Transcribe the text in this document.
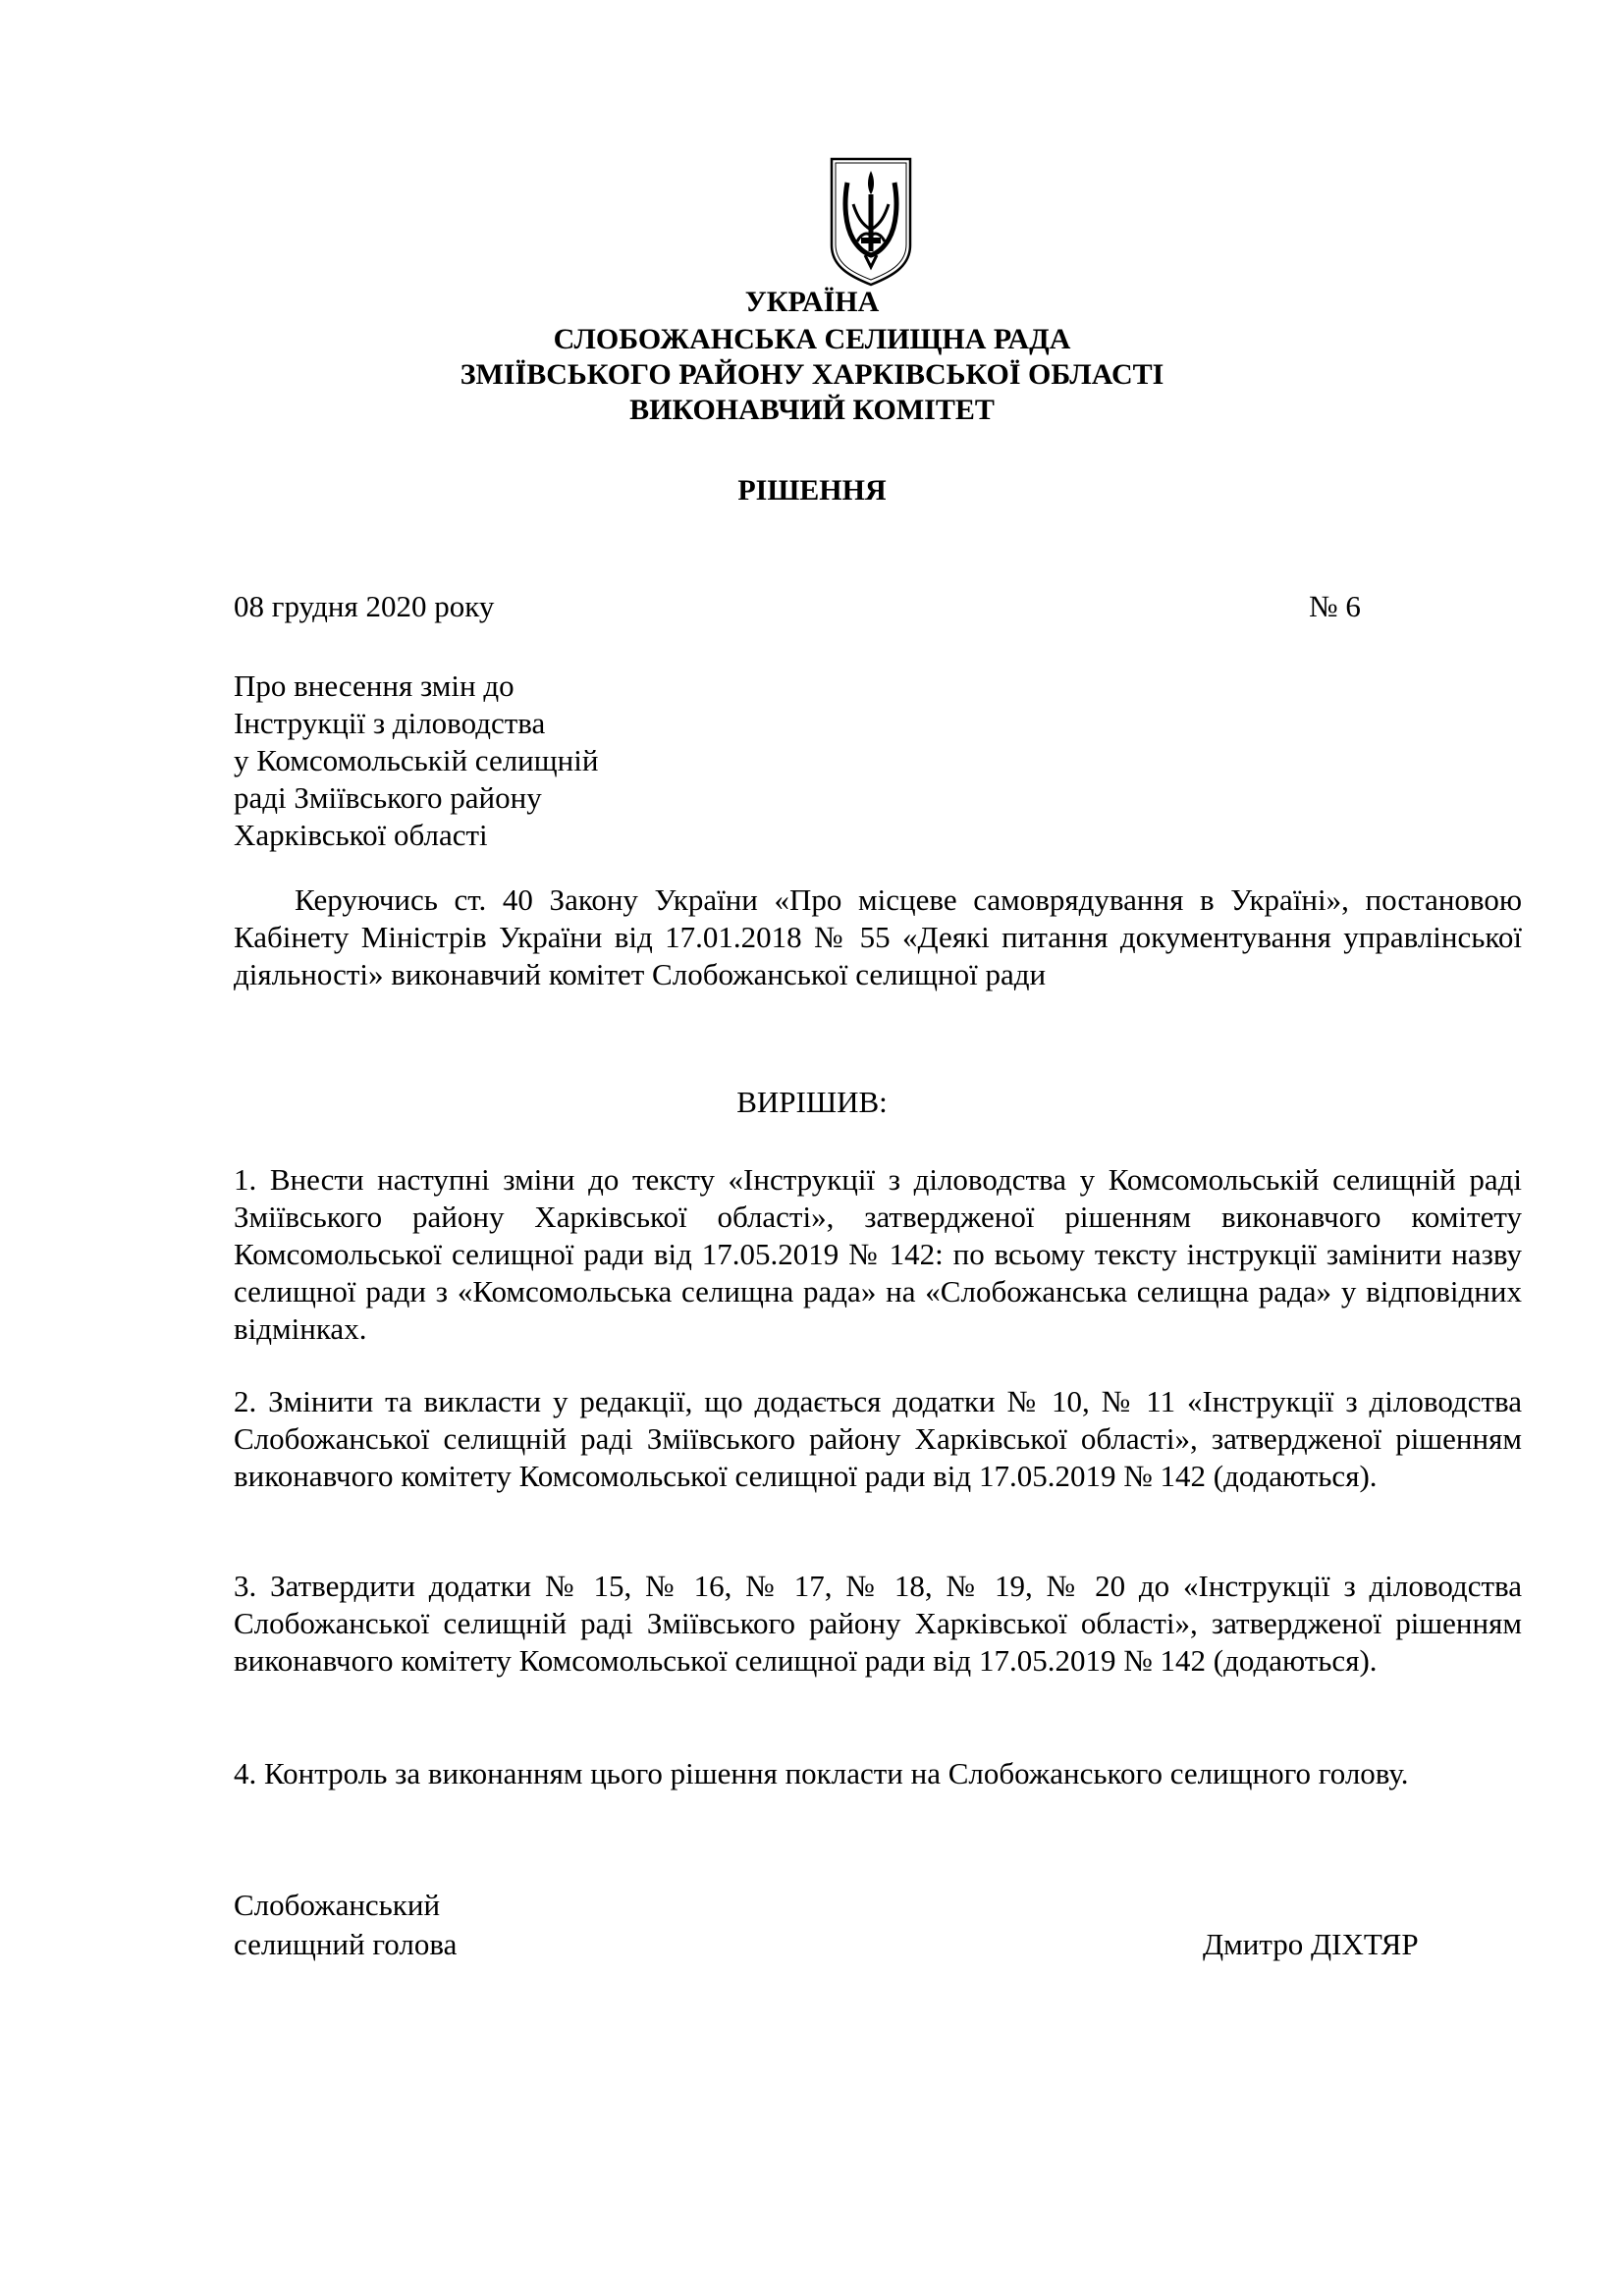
УКРАЇНА
СЛОБОЖАНСЬКА СЕЛИЩНА РАДА
ЗМІЇВСЬКОГО РАЙОНУ ХАРКІВСЬКОЇ ОБЛАСТІ
ВИКОНАВЧИЙ КОМІТЕТ
РІШЕННЯ
08 грудня 2020 року	№ 6
Про внесення змін до
Інструкції з діловодства
у Комсомольській селищній
раді Зміївського району
Харківської області
Керуючись ст. 40 Закону України «Про місцеве самоврядування в Україні», постановою Кабінету Міністрів України від 17.01.2018 № 55 «Деякі питання документування управлінської діяльності» виконавчий комітет Слобожанської селищної ради
ВИРІШИВ:
1. Внести наступні зміни до тексту «Інструкції з діловодства у Комсомольській селищній раді Зміївського району Харківської області», затвердженої рішенням виконавчого комітету Комсомольської селищної ради від 17.05.2019 № 142: по всьому тексту інструкції замінити назву селищної ради з «Комсомольська селищна рада» на «Слобожанська селищна рада» у відповідних відмінках.
2. Змінити та викласти у редакції, що додається додатки № 10, № 11 «Інструкції з діловодства Слобожанської селищній раді Зміївського району Харківської області», затвердженої рішенням виконавчого комітету Комсомольської селищної ради від 17.05.2019 № 142 (додаються).
3. Затвердити додатки № 15, № 16, № 17, № 18, № 19, № 20 до «Інструкції з діловодства Слобожанської селищній раді Зміївського району Харківської області», затвердженої рішенням виконавчого комітету Комсомольської селищної ради від 17.05.2019 № 142 (додаються).
4. Контроль за виконанням цього рішення покласти на Слобожанського селищного голову.
Слобожанський
селищний голова	Дмитро ДІХТЯР
